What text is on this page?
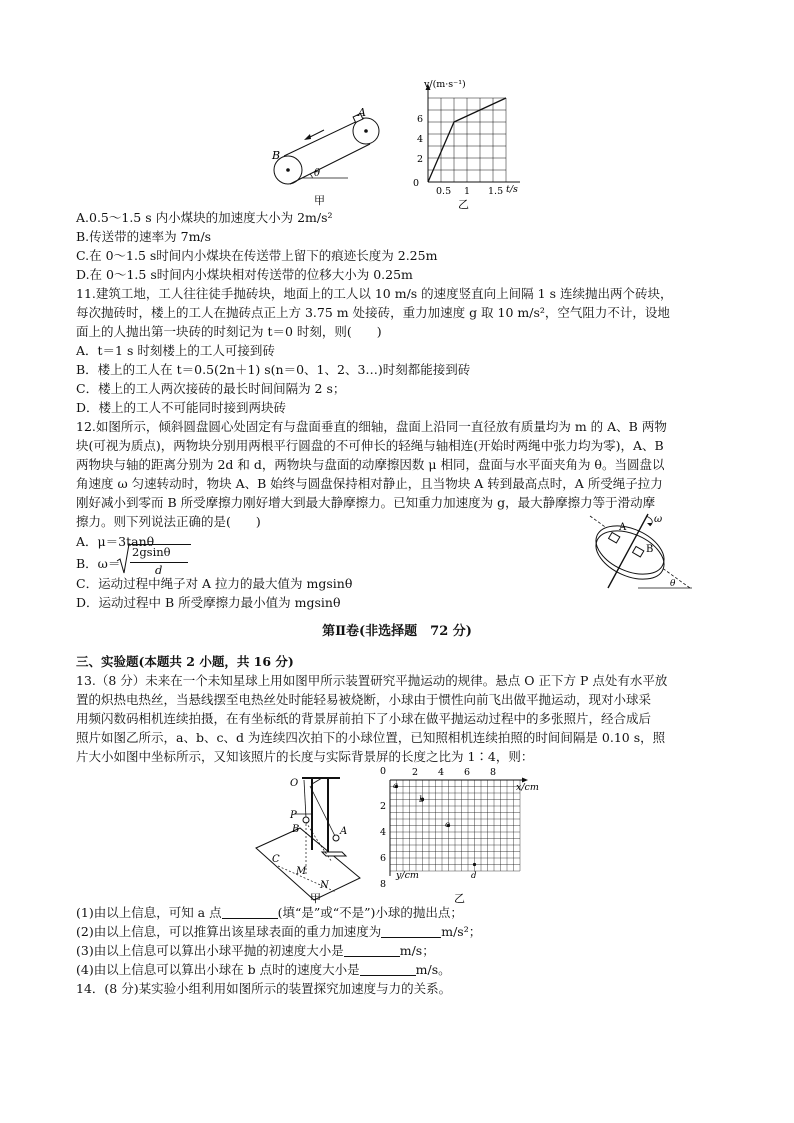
A
B
θ
甲
v/(m·s⁻¹)
t/s
0
2
4
6
0.5 1 1.5
乙
A.0.5～1.5 s 内小煤块的加速度大小为 2m/s²
B.传送带的速率为 7m/s
C.在 0～1.5 s时间内小煤块在传送带上留下的痕迹长度为 2.25m
D.在 0～1.5 s时间内小煤块相对传送带的位移大小为 0.25m
11.建筑工地，工人往往徒手抛砖块，地面上的工人以 10 m/s 的速度竖直向上间隔 1 s 连续抛出两个砖块，
每次抛砖时，楼上的工人在抛砖点正上方 3.75 m 处接砖，重力加速度 g 取 10 m/s²，空气阻力不计，设地
面上的人抛出第一块砖的时刻记为 t＝0 时刻，则(　　)
A．t＝1 s 时刻楼上的工人可接到砖
B．楼上的工人在 t＝0.5(2n＋1) s(n＝0、1、2、3…)时刻都能接到砖
C．楼上的工人两次接砖的最长时间间隔为 2 s；
D．楼上的工人不可能同时接到两块砖
12.如图所示，倾斜圆盘圆心处固定有与盘面垂直的细轴，盘面上沿同一直径放有质量均为 m 的 A、B 两物
块(可视为质点)，两物块分别用两根平行圆盘的不可伸长的轻绳与轴相连(开始时两绳中张力均为零)，A、B
两物块与轴的距离分别为 2d 和 d，两物块与盘面的动摩擦因数 μ 相同，盘面与水平面夹角为 θ。当圆盘以
角速度 ω 匀速转动时，物块 A、B 始终与圆盘保持相对静止，且当物块 A 转到最高点时，A 所受绳子拉力
刚好减小到零而 B 所受摩擦力刚好增大到最大静摩擦力。已知重力加速度为 g，最大静摩擦力等于滑动摩
擦力。则下列说法正确的是(　　)
A．μ＝3tanθ
B．ω＝
2gsinθ
d
C．运动过程中绳子对 A 拉力的最大值为 mgsinθ
D．运动过程中 B 所受摩擦力最小值为 mgsinθ
A
B
ω
θ
第Ⅱ卷(非选择题　72 分)
三、实验题(本题共 2 小题，共 16 分)
13.（8 分）未来在一个未知星球上用如图甲所示装置研究平抛运动的规律。悬点 O 正下方 P 点处有水平放
置的炽热电热丝，当悬线摆至电热丝处时能轻易被烧断，小球由于惯性向前飞出做平抛运动，现对小球采
用频闪数码相机连续拍摄，在有坐标纸的背景屏前拍下了小球在做平抛运动过程中的多张照片，经合成后
照片如图乙所示，a、b、c、d 为连续四次拍下的小球位置，已知照相机连续拍照的时间间隔是 0.10 s，照
片大小如图中坐标所示，又知该照片的长度与实际背景屏的长度之比为 1∶4，则：
O
P
A
B
C
M
N
甲
0	2 4 6 8
x/cm
2
4
6
8
y/cm
a
b
c
d
乙
(1)由以上信息，可知 a 点	(填“是”或“不是”)小球的抛出点；
(2)由以上信息，可以推算出该星球表面的重力加速度为	m/s²；
(3)由以上信息可以算出小球平抛的初速度大小是	m/s；
(4)由以上信息可以算出小球在 b 点时的速度大小是	m/s。
14．(8 分)某实验小组利用如图所示的装置探究加速度与力的关系。
